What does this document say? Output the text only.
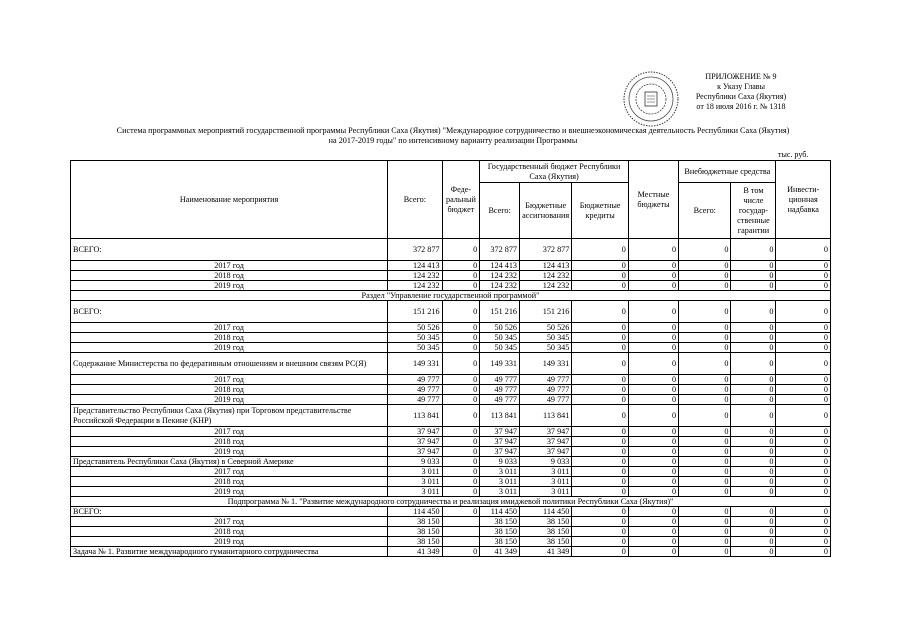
ПРИЛОЖЕНИЕ № 9
к Указу Главы
Республики Саха (Якутия)
от 18 июля 2016 г. № 1318
Система программных мероприятий государственной программы Республики Саха (Якутия) "Международное сотрудничество и внешнеэкономическая деятельность Республики Саха (Якутия)
на 2017-2019 годы" по интенсивному варианту реализации Программы
тыс. руб.
Наименование мероприятия	Всего:	Феде-ральный бюджет	Государственный бюджет Республики Саха (Якутия)			Местные бюджеты	Внебюджетные средства		Инвести-ционная надбавка
			Всего:	Бюджетные ассигнования	Бюджетные кредиты		Всего:	В том числе государ-ственные гарантии	
ВСЕГО:	372 877	0	372 877	372 877	0	0	0	0	0
2017 год	124 413	0	124 413	124 413	0	0	0	0	0
2018 год	124 232	0	124 232	124 232	0	0	0	0	0
2019 год	124 232	0	124 232	124 232	0	0	0	0	0
Раздел "Управление государственной программой"									
ВСЕГО:	151 216	0	151 216	151 216	0	0	0	0	0
2017 год	50 526	0	50 526	50 526	0	0	0	0	0
2018 год	50 345	0	50 345	50 345	0	0	0	0	0
2019 год	50 345	0	50 345	50 345	0	0	0	0	0
Содержание Министерства по федеративным отношениям и внешним связям РС(Я)	149 331	0	149 331	149 331	0	0	0	0	0
2017 год	49 777	0	49 777	49 777	0	0	0	0	0
2018 год	49 777	0	49 777	49 777	0	0	0	0	0
2019 год	49 777	0	49 777	49 777	0	0	0	0	0
Представительство Республики Саха (Якутия) при Торговом представительстве Российской Федерации в Пекине (КНР)	113 841	0	113 841	113 841	0	0	0	0	0
2017 год	37 947	0	37 947	37 947	0	0	0	0	0
2018 год	37 947	0	37 947	37 947	0	0	0	0	0
2019 год	37 947	0	37 947	37 947	0	0	0	0	0
Представитель Республики Саха (Якутия) в Северной Америке	9 033	0	9 033	9 033	0	0	0	0	0
2017 год	3 011	0	3 011	3 011	0	0	0	0	0
2018 год	3 011	0	3 011	3 011	0	0	0	0	0
2019 год	3 011	0	3 011	3 011	0	0	0	0	0
Подпрограмма № 1. "Развитие международного сотрудничества и реализация имиджевой политики Республики Саха (Якутия)"									
ВСЕГО:	114 450	0	114 450	114 450	0	0	0	0	0
2017 год	38 150		38 150	38 150	0	0	0	0	0
2018 год	38 150		38 150	38 150	0	0	0	0	0
2019 год	38 150		38 150	38 150	0	0	0	0	0
Задача № 1. Развитие международного гуманитарного сотрудничества	41 349	0	41 349	41 349	0	0	0	0	0
